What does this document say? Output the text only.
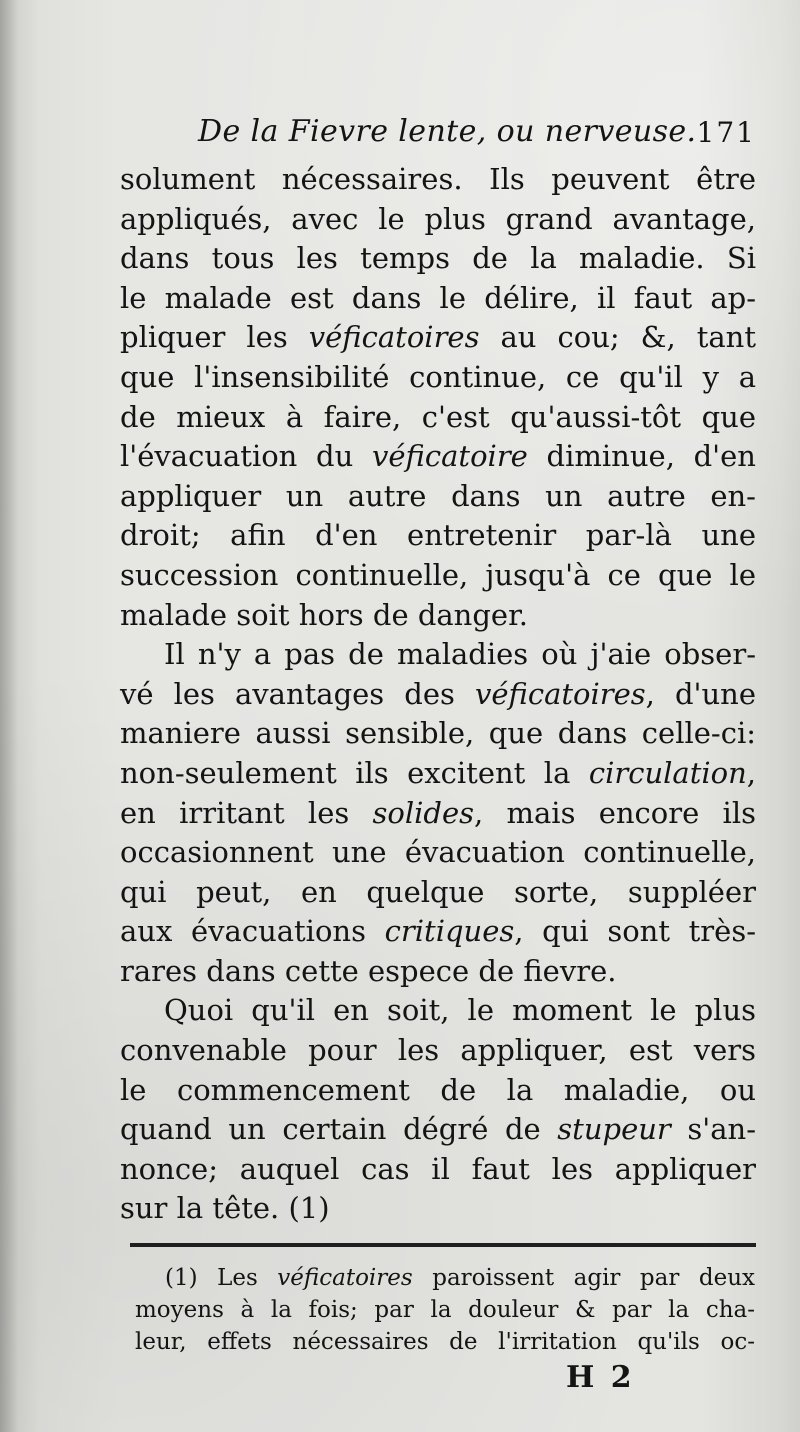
De la Fievre lente, ou nerveuse. 171
solument nécessaires. Ils peuvent être
appliqués, avec le plus grand avantage,
dans tous les temps de la maladie. Si
le malade est dans le délire, il faut ap-
pliquer les véficatoires au cou; &, tant
que l'insensibilité continue, ce qu'il y a
de mieux à faire, c'est qu'aussi-tôt que
l'évacuation du véficatoire diminue, d'en
appliquer un autre dans un autre en-
droit; afin d'en entretenir par-là une
succession continuelle, jusqu'à ce que le
malade soit hors de danger.
Il n'y a pas de maladies où j'aie obser-
vé les avantages des véficatoires, d'une
maniere aussi sensible, que dans celle-ci:
non-seulement ils excitent la circulation,
en irritant les solides, mais encore ils
occasionnent une évacuation continuelle,
qui peut, en quelque sorte, suppléer
aux évacuations critiques, qui sont très-
rares dans cette espece de fievre.
Quoi qu'il en soit, le moment le plus
convenable pour les appliquer, est vers
le commencement de la maladie, ou
quand un certain dégré de stupeur s'an-
nonce; auquel cas il faut les appliquer
sur la tête. (1)
(1) Les véficatoires paroissent agir par deux
moyens à la fois; par la douleur & par la cha-
leur, effets nécessaires de l'irritation qu'ils oc-
H 2
